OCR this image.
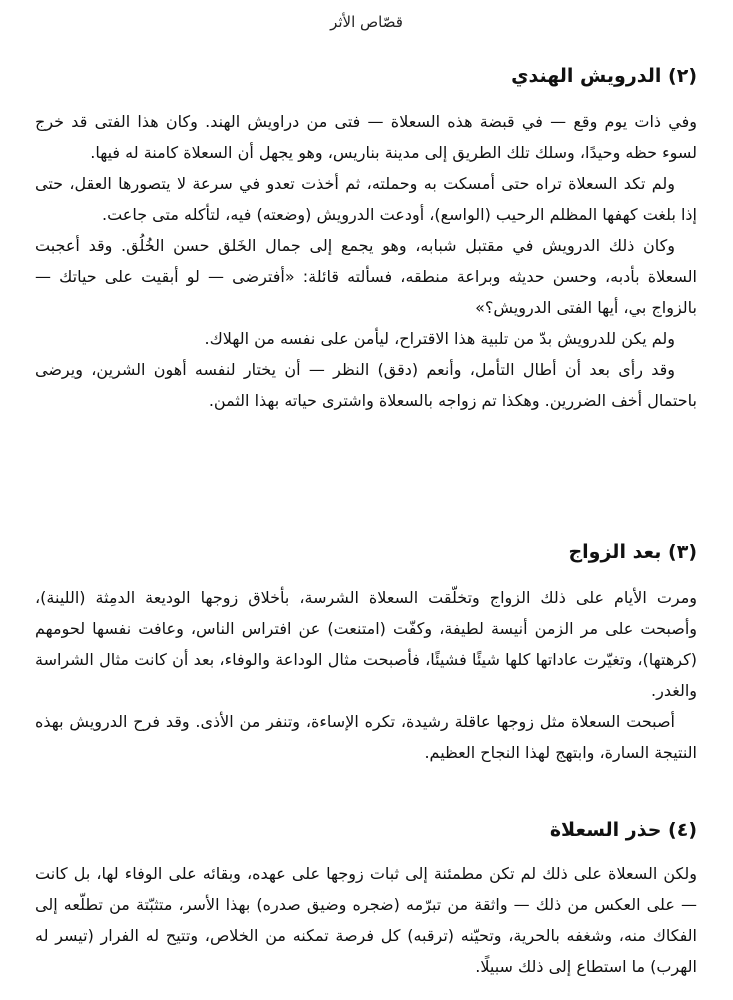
قصّاص الأثر
(٢) الدرويش الهندي

وفي ذات يوم وقع — في قبضة هذه السعلاة — فتى من دراويش الهند. وكان هذا الفتى قد خرج لسوء حظه وحيدًا، وسلك تلك الطريق إلى مدينة بناريس، وهو يجهل أن السعلاة كامنة له فيها.

ولم تكد السعلاة تراه حتى أمسكت به وحملته، ثم أخذت تعدو في سرعة لا يتصورها العقل، حتى إذا بلغت كهفها المظلم الرحيب (الواسع)، أودعت الدرويش (وضعته) فيه، لتأكله متى جاعت.

وكان ذلك الدرويش في مقتبل شبابه، وهو يجمع إلى جمال الخَلق حسن الخُلُق. وقد أعجبت السعلاة بأدبه، وحسن حديثه وبراعة منطقه، فسألته قائلة: «أفترضى — لو أبقيت على حياتك — بالزواج بي، أيها الفتى الدرويش؟»

ولم يكن للدرويش بدّ من تلبية هذا الاقتراح، ليأمن على نفسه من الهلاك.

وقد رأى بعد أن أطال التأمل، وأنعم (دقق) النظر — أن يختار لنفسه أهون الشرين، ويرضى باحتمال أخف الضررين. وهكذا تم زواجه بالسعلاة واشترى حياته بهذا الثمن.

(٣) بعد الزواج

ومرت الأيام على ذلك الزواج وتخلّقت السعلاة الشرسة، بأخلاق زوجها الوديعة الدمِثة (اللينة)، وأصبحت على مر الزمن أنيسة لطيفة، وكفّت (امتنعت) عن افتراس الناس، وعافت نفسها لحومهم (كرهتها)، وتغيّرت عاداتها كلها شيئًا فشيئًا، فأصبحت مثال الوداعة والوفاء، بعد أن كانت مثال الشراسة والغدر.

أصبحت السعلاة مثل زوجها عاقلة رشيدة، تكره الإساءة، وتنفر من الأذى. وقد فرح الدرويش بهذه النتيجة السارة، وابتهج لهذا النجاح العظيم.

(٤) حذر السعلاة

ولكن السعلاة على ذلك لم تكن مطمئنة إلى ثبات زوجها على عهده، وبقائه على الوفاء لها، بل كانت — على العكس من ذلك — واثقة من تبرّمه (ضجره وضيق صدره) بهذا الأسر، متثبّتة من تطلّعه إلى الفكاك منه، وشغفه بالحرية، وتحيّنه (ترقبه) كل فرصة تمكنه من الخلاص، وتتيح له الفرار (تيسر له الهرب) ما استطاع إلى ذلك سبيلًا.
